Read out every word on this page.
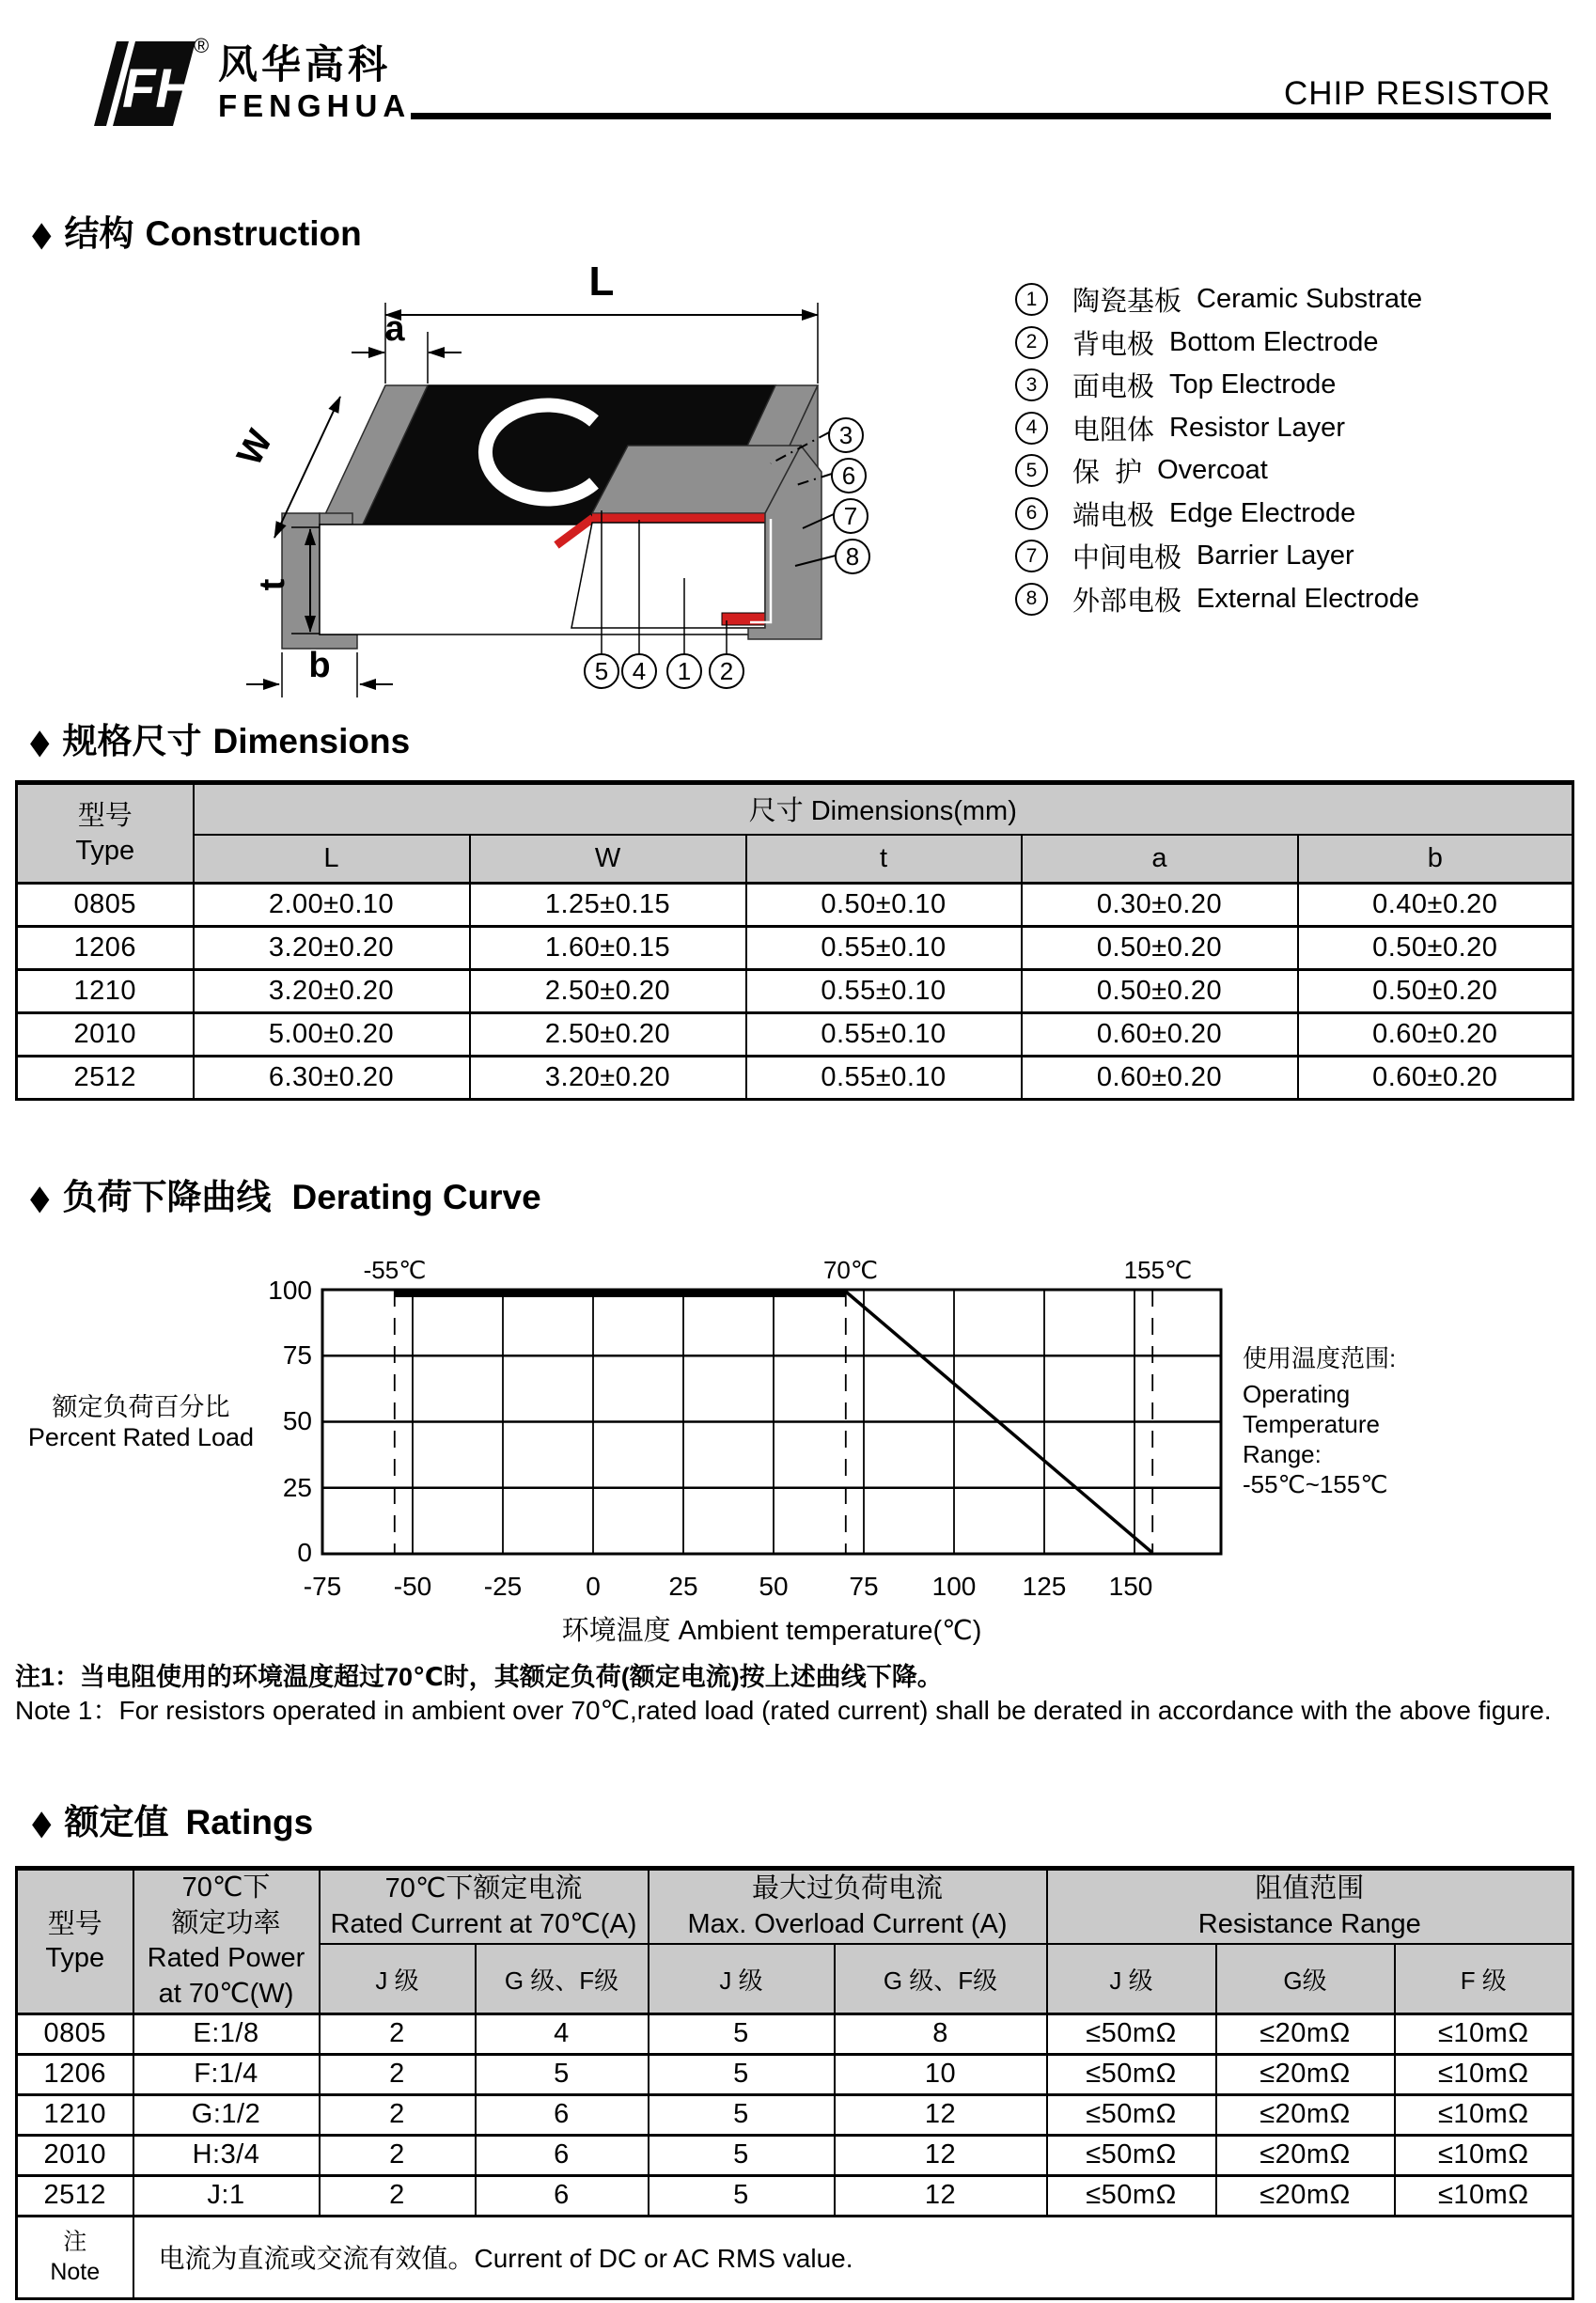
FH
® 风华高科
FENGHUA	CHIP RESISTOR
◆ 结构 Construction
L
a
W
t
b
3
6
7
8
5 4 1 2
1	陶瓷基板 Ceramic Substrate
2	背电极 Bottom Electrode
3	面电极 Top Electrode
4	电阻体 Resistor Layer
5	保  护 Overcoat
6	端电极 Edge Electrode
7	中间电极 Barrier Layer
8	外部电极 External Electrode
◆ 规格尺寸 Dimensions
型号
Type	尺寸 Dimensions(mm)				
	L	W	t	a	b
0805	2.00±0.10	1.25±0.15	0.50±0.10	0.30±0.20	0.40±0.20
1206	3.20±0.20	1.60±0.15	0.55±0.10	0.50±0.20	0.50±0.20
1210	3.20±0.20	2.50±0.20	0.55±0.10	0.50±0.20	0.50±0.20
2010	5.00±0.20	2.50±0.20	0.55±0.10	0.60±0.20	0.60±0.20
2512	6.30±0.20	3.20±0.20	0.55±0.10	0.60±0.20	0.60±0.20
◆ 负荷下降曲线 Derating Curve
-55℃	70℃	155℃
100
75
50
25
0
-75 -50 -25 0	25 50 75 100 125 150
环境温度 Ambient temperature(℃)
额定负荷百分比
Percent Rated Load
使用温度范围:
Operating
Temperature
Range:
-55℃~155℃
注1：当电阻使用的环境温度超过70℃时，其额定负荷(额定电流)按上述曲线下降。
Note 1：For resistors operated in ambient over 70℃,rated load (rated current) shall be derated in accordance with the above figure.
◆ 额定值 Ratings
型号
Type

70℃下
额定功率
Rated Power
at 70℃(W)

70℃下额定电流
Rated Current at 70℃(A)

最大过负荷电流
Max. Overload Current (A)

阻值范围
Resistance Range

		J 级	G 级、F级	J 级	G 级、F级	J 级	G级	F 级
0805	E:1/8	2	4	5	8	≤50mΩ	≤20mΩ	≤10mΩ
1206	F:1/4	2	5	5	10	≤50mΩ	≤20mΩ	≤10mΩ
1210	G:1/2	2	6	5	12	≤50mΩ	≤20mΩ	≤10mΩ
2010	H:3/4	2	6	5	12	≤50mΩ	≤20mΩ	≤10mΩ
2512	J:1	2	6	5	12	≤50mΩ	≤20mΩ	≤10mΩ

注
Note	电流为直流或交流有效值。Current of DC or AC RMS value.							
